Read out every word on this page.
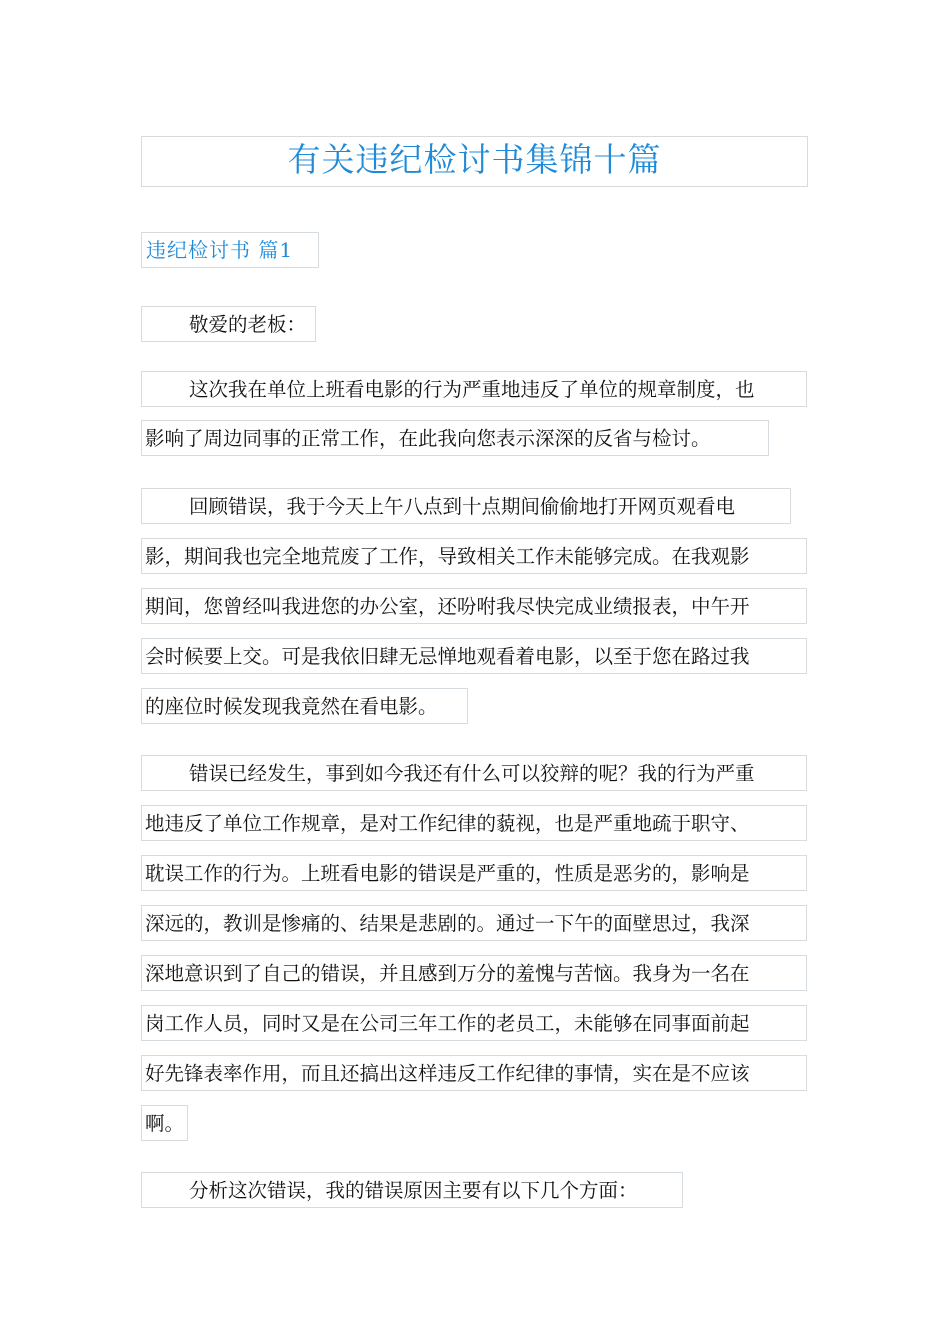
有关违纪检讨书集锦十篇
违纪检讨书 篇1
敬爱的老板：
这次我在单位上班看电影的行为严重地违反了单位的规章制度，也
影响了周边同事的正常工作，在此我向您表示深深的反省与检讨。
回顾错误，我于今天上午八点到十点期间偷偷地打开网页观看电
影，期间我也完全地荒废了工作，导致相关工作未能够完成。在我观影
期间，您曾经叫我进您的办公室，还吩咐我尽快完成业绩报表，中午开
会时候要上交。可是我依旧肆无忌惮地观看着电影，以至于您在路过我
的座位时候发现我竟然在看电影。
错误已经发生，事到如今我还有什么可以狡辩的呢？我的行为严重
地违反了单位工作规章，是对工作纪律的藐视，也是严重地疏于职守、
耽误工作的行为。上班看电影的错误是严重的，性质是恶劣的，影响是
深远的，教训是惨痛的、结果是悲剧的。通过一下午的面壁思过，我深
深地意识到了自己的错误，并且感到万分的羞愧与苦恼。我身为一名在
岗工作人员，同时又是在公司三年工作的老员工，未能够在同事面前起
好先锋表率作用，而且还搞出这样违反工作纪律的事情，实在是不应该
啊。
分析这次错误，我的错误原因主要有以下几个方面：
